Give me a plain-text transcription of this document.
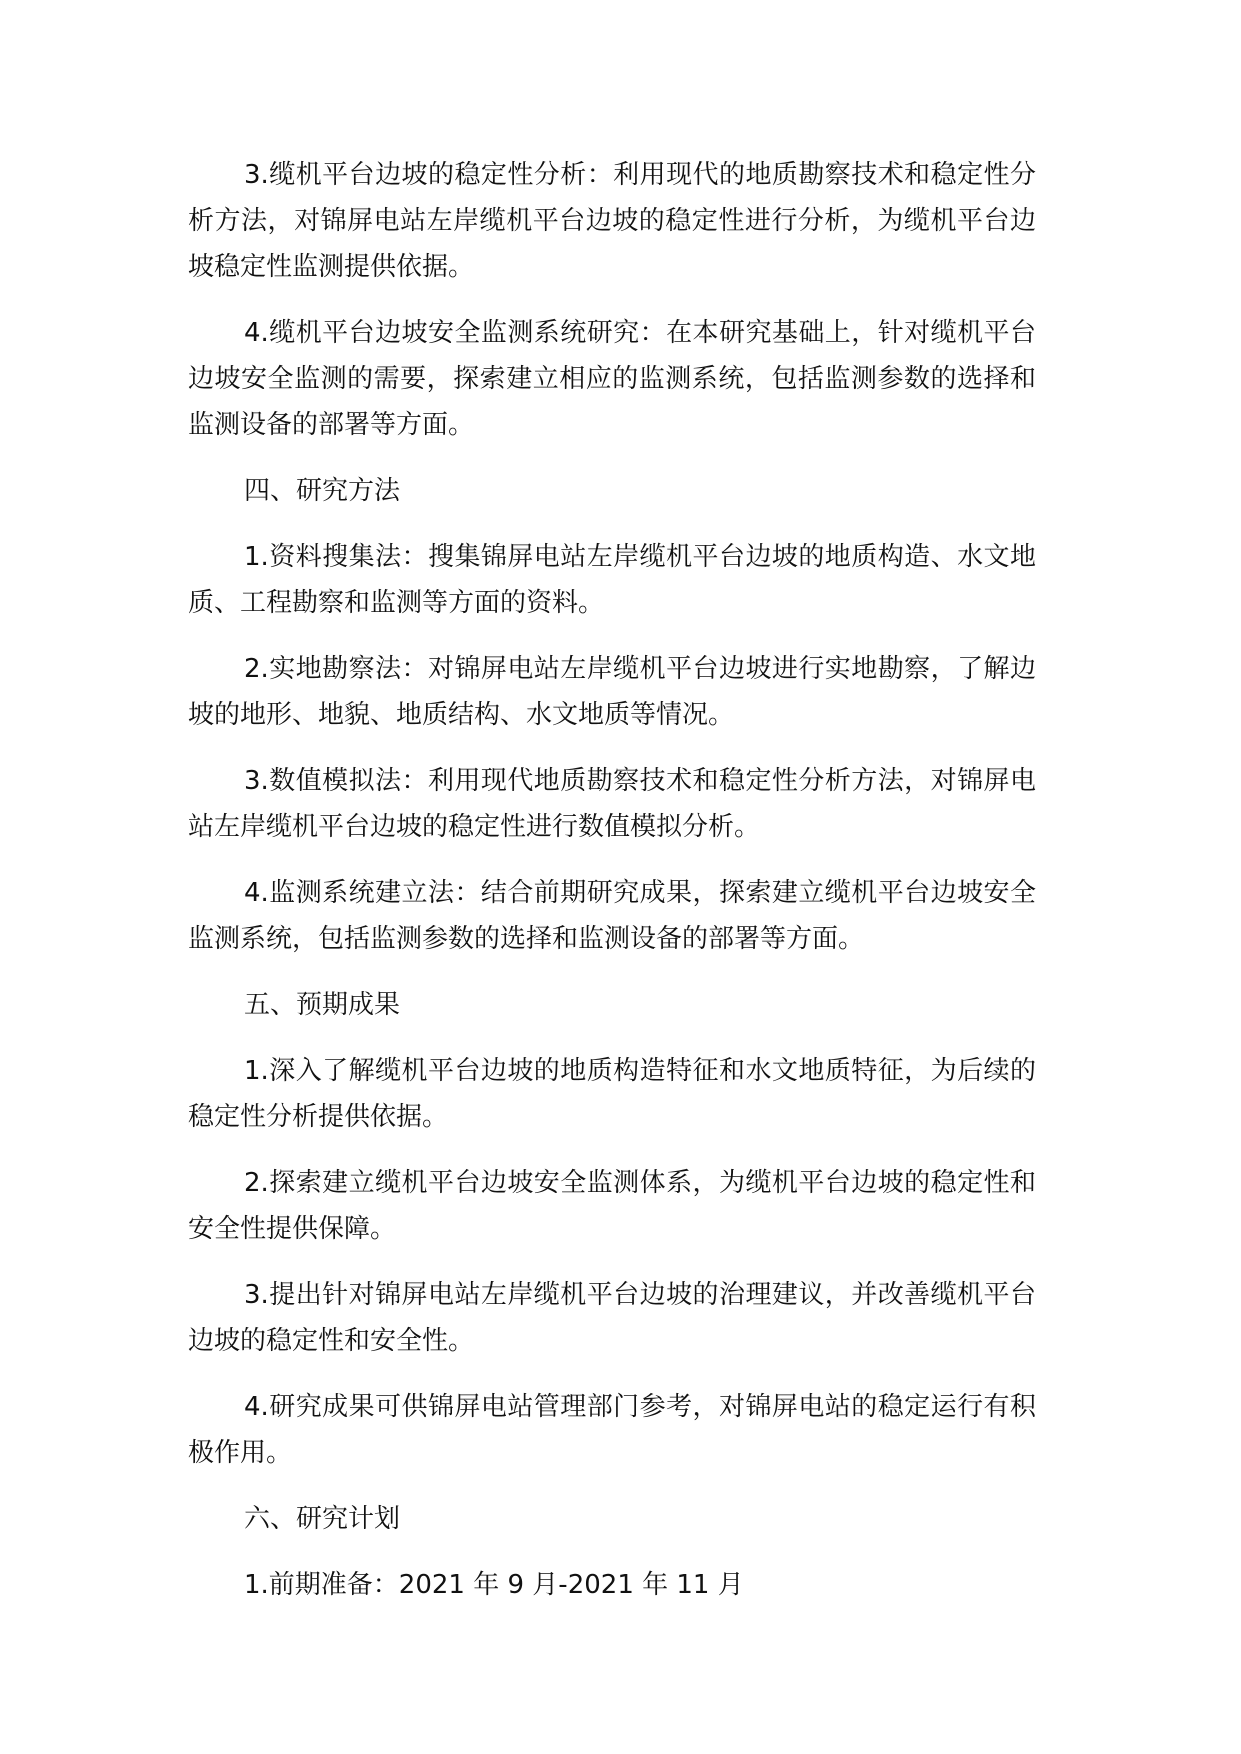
3.缆机平台边坡的稳定性分析：利用现代的地质勘察技术和稳定性分析方法，对锦屏电站左岸缆机平台边坡的稳定性进行分析，为缆机平台边坡稳定性监测提供依据。

4.缆机平台边坡安全监测系统研究：在本研究基础上，针对缆机平台边坡安全监测的需要，探索建立相应的监测系统，包括监测参数的选择和监测设备的部署等方面。

四、研究方法

1.资料搜集法：搜集锦屏电站左岸缆机平台边坡的地质构造、水文地质、工程勘察和监测等方面的资料。

2.实地勘察法：对锦屏电站左岸缆机平台边坡进行实地勘察，了解边坡的地形、地貌、地质结构、水文地质等情况。

3.数值模拟法：利用现代地质勘察技术和稳定性分析方法，对锦屏电站左岸缆机平台边坡的稳定性进行数值模拟分析。

4.监测系统建立法：结合前期研究成果，探索建立缆机平台边坡安全监测系统，包括监测参数的选择和监测设备的部署等方面。

五、预期成果

1.深入了解缆机平台边坡的地质构造特征和水文地质特征，为后续的稳定性分析提供依据。

2.探索建立缆机平台边坡安全监测体系，为缆机平台边坡的稳定性和安全性提供保障。

3.提出针对锦屏电站左岸缆机平台边坡的治理建议，并改善缆机平台边坡的稳定性和安全性。

4.研究成果可供锦屏电站管理部门参考，对锦屏电站的稳定运行有积极作用。

六、研究计划

1.前期准备：2021 年 9 月-2021 年 11 月
